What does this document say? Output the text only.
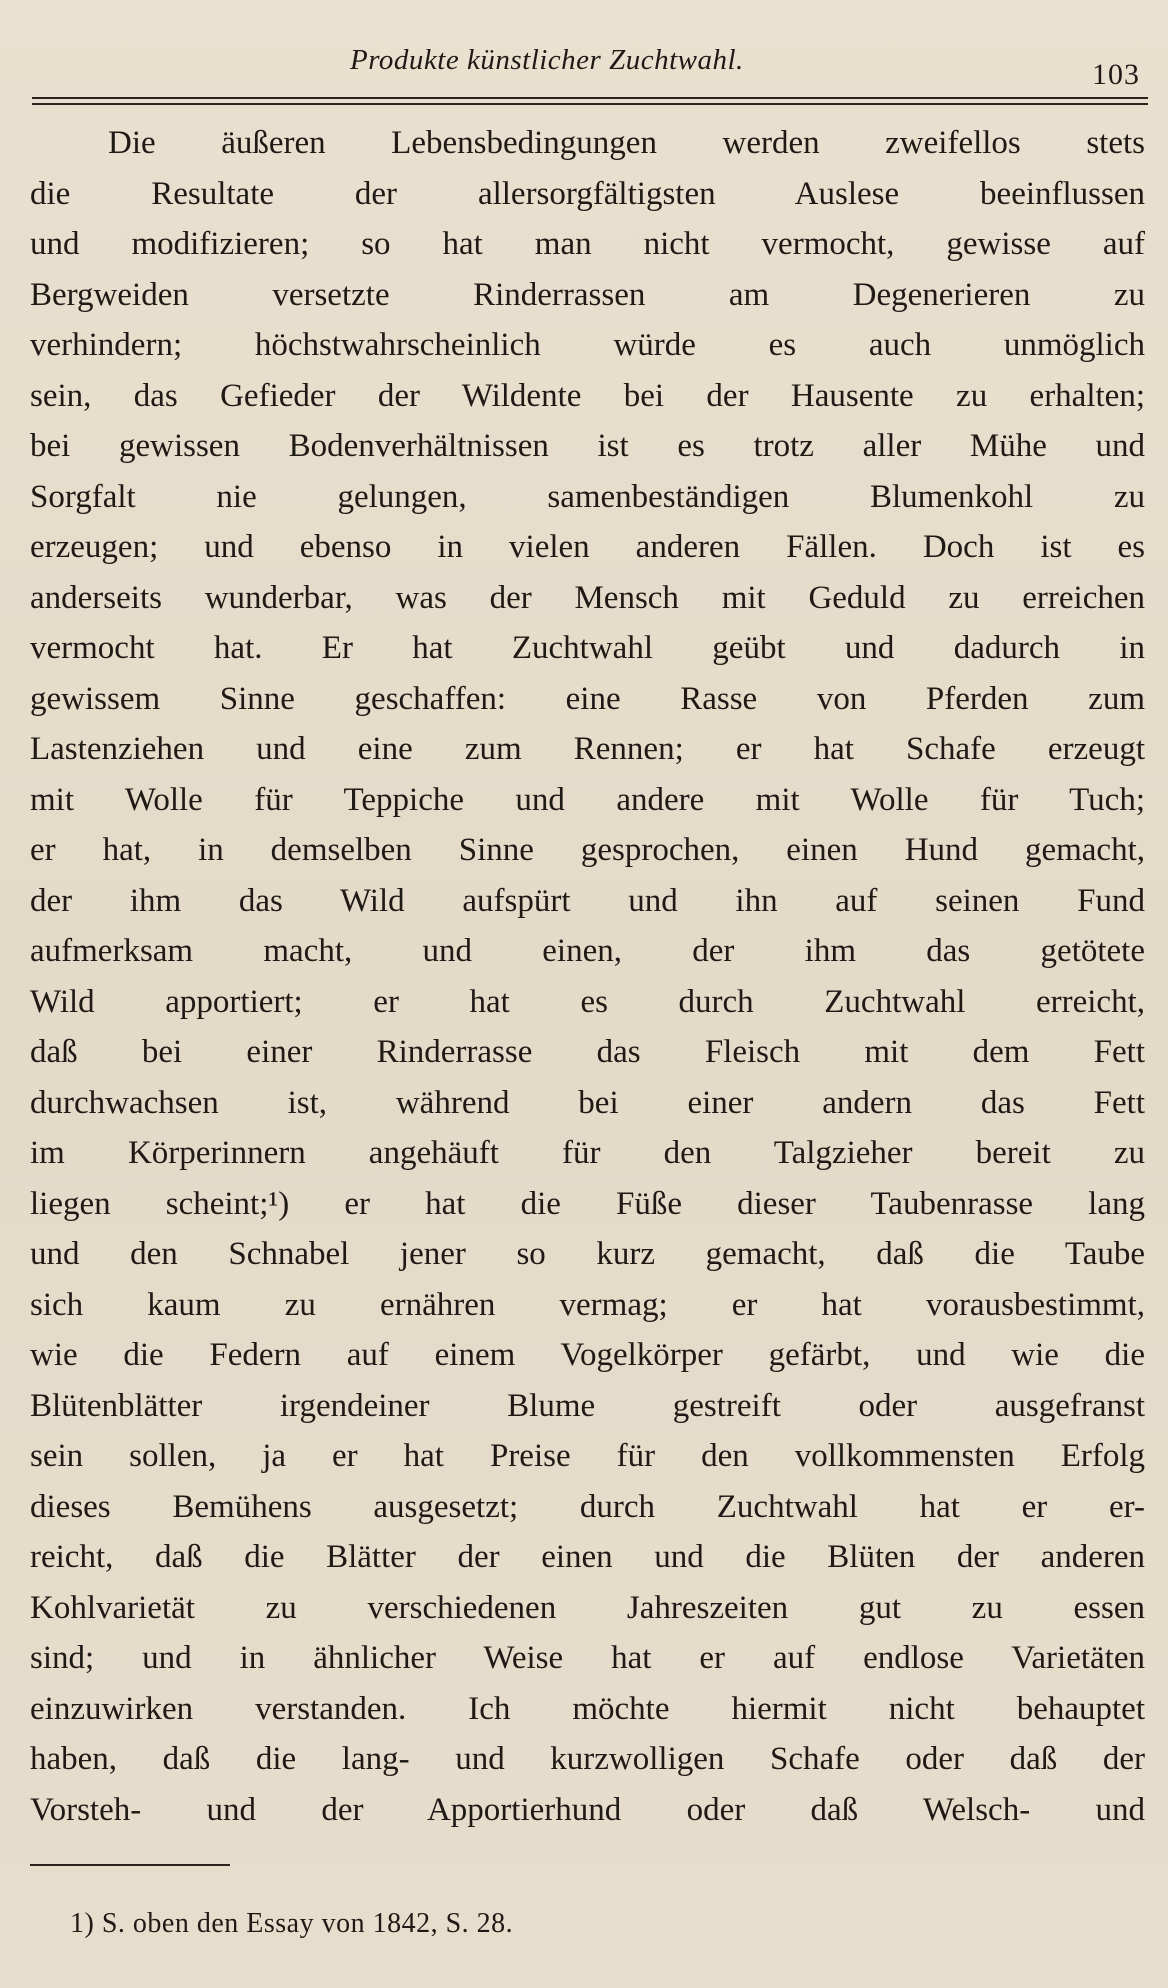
Produkte künstlicher Zuchtwahl.	103
Die äußeren Lebensbedingungen werden zweifellos stets
die Resultate der allersorgfältigsten Auslese beeinflussen
und modifizieren; so hat man nicht vermocht, gewisse auf
Bergweiden versetzte Rinderrassen am Degenerieren zu
verhindern; höchstwahrscheinlich würde es auch unmöglich
sein, das Gefieder der Wildente bei der Hausente zu erhalten;
bei gewissen Bodenverhältnissen ist es trotz aller Mühe und
Sorgfalt nie gelungen, samenbeständigen Blumenkohl zu
erzeugen; und ebenso in vielen anderen Fällen. Doch ist es
anderseits wunderbar, was der Mensch mit Geduld zu erreichen
vermocht hat. Er hat Zuchtwahl geübt und dadurch in
gewissem Sinne geschaffen: eine Rasse von Pferden zum
Lastenziehen und eine zum Rennen; er hat Schafe erzeugt
mit Wolle für Teppiche und andere mit Wolle für Tuch;
er hat, in demselben Sinne gesprochen, einen Hund gemacht,
der ihm das Wild aufspürt und ihn auf seinen Fund
aufmerksam macht, und einen, der ihm das getötete
Wild apportiert; er hat es durch Zuchtwahl erreicht,
daß bei einer Rinderrasse das Fleisch mit dem Fett
durchwachsen ist, während bei einer andern das Fett
im Körperinnern angehäuft für den Talgzieher bereit zu
liegen scheint;¹) er hat die Füße dieser Taubenrasse lang
und den Schnabel jener so kurz gemacht, daß die Taube
sich kaum zu ernähren vermag; er hat vorausbestimmt,
wie die Federn auf einem Vogelkörper gefärbt, und wie die
Blütenblätter irgendeiner Blume gestreift oder ausgefranst
sein sollen, ja er hat Preise für den vollkommensten Erfolg
dieses Bemühens ausgesetzt; durch Zuchtwahl hat er er-
reicht, daß die Blätter der einen und die Blüten der anderen
Kohlvarietät zu verschiedenen Jahreszeiten gut zu essen
sind; und in ähnlicher Weise hat er auf endlose Varietäten
einzuwirken verstanden. Ich möchte hiermit nicht behauptet
haben, daß die lang- und kurzwolligen Schafe oder daß der
Vorsteh- und der Apportierhund oder daß Welsch- und
1) S. oben den Essay von 1842, S. 28.
